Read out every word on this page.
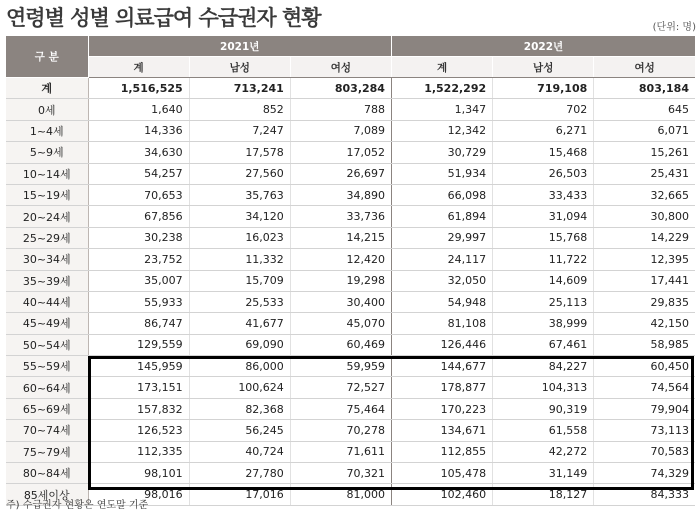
연령별 성별 의료급여 수급권자 현황	(단위: 명)
구 분	2021년			2022년		
	계	남성	여성	계	남성	여성
계	1,516,525	713,241	803,284	1,522,292	719,108	803,184
0세	1,640	852	788	1,347	702	645
1~4세	14,336	7,247	7,089	12,342	6,271	6,071
5~9세	34,630	17,578	17,052	30,729	15,468	15,261
10~14세	54,257	27,560	26,697	51,934	26,503	25,431
15~19세	70,653	35,763	34,890	66,098	33,433	32,665
20~24세	67,856	34,120	33,736	61,894	31,094	30,800
25~29세	30,238	16,023	14,215	29,997	15,768	14,229
30~34세	23,752	11,332	12,420	24,117	11,722	12,395
35~39세	35,007	15,709	19,298	32,050	14,609	17,441
40~44세	55,933	25,533	30,400	54,948	25,113	29,835
45~49세	86,747	41,677	45,070	81,108	38,999	42,150
50~54세	129,559	69,090	60,469	126,446	67,461	58,985
55~59세	145,959	86,000	59,959	144,677	84,227	60,450
60~64세	173,151	100,624	72,527	178,877	104,313	74,564
65~69세	157,832	82,368	75,464	170,223	90,319	79,904
70~74세	126,523	56,245	70,278	134,671	61,558	73,113
75~79세	112,335	40,724	71,611	112,855	42,272	70,583
80~84세	98,101	27,780	70,321	105,478	31,149	74,329
85세이상	98,016	17,016	81,000	102,460	18,127	84,333
주) 수급권자 현황은 연도말 기준
